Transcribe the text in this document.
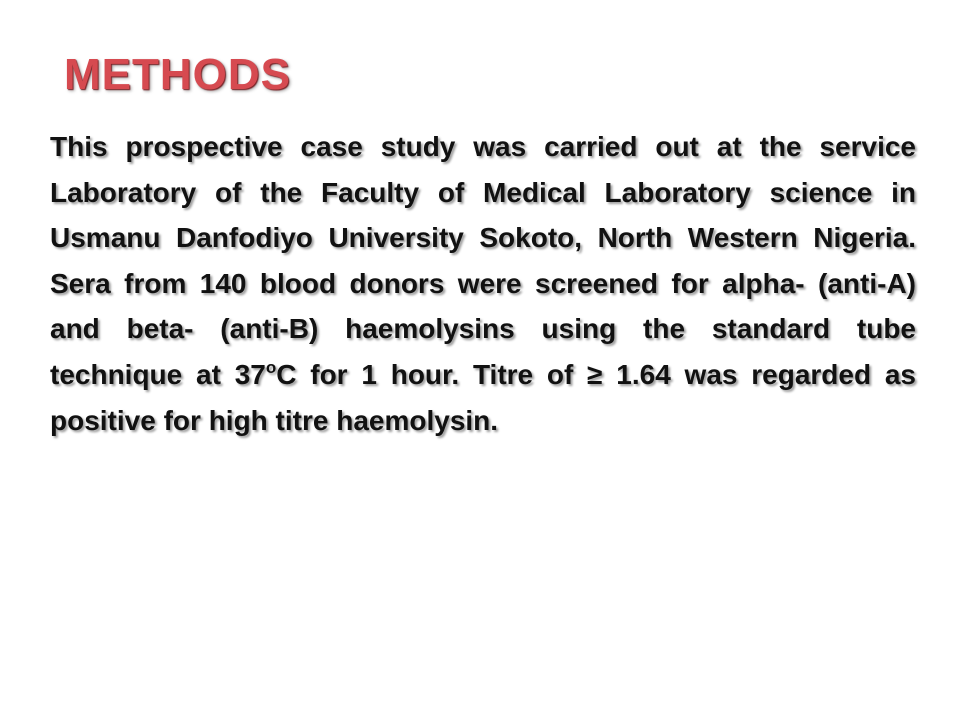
METHODS

This prospective case study was carried out at the service Laboratory of the Faculty of Medical Laboratory science in Usmanu Danfodiyo University Sokoto, North Western Nigeria. Sera from 140 blood donors were screened for alpha- (anti-A) and beta- (anti-B) haemolysins using the standard tube technique at 37$^o$C for 1 hour. Titre of ≥ 1.64 was regarded as positive for high titre haemolysin.
